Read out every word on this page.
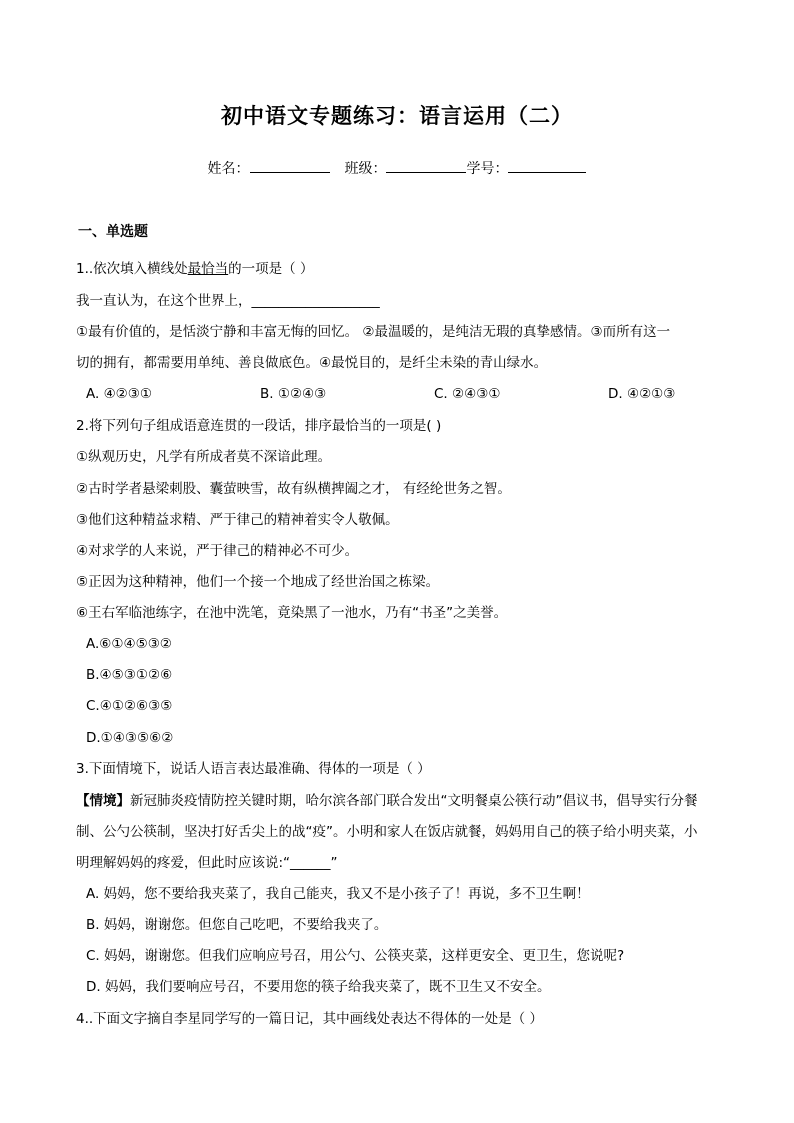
初中语文专题练习：语言运用（二）
姓名：	班级：	学号：
一、单选题
1..依次填入横线处最恰当的一项是（ ）
我一直认为，在这个世界上，___________________
①最有价值的，是恬淡宁静和丰富无悔的回忆。 ②最温暖的，是纯洁无瑕的真挚感情。③而所有这一
切的拥有，都需要用单纯、善良做底色。④最悦目的，是纤尘未染的青山绿水。
A. ④②③①	B. ①②④③	C. ②④③①	D. ④②①③
2.将下列句子组成语意连贯的一段话，排序最恰当的一项是( )
①纵观历史，凡学有所成者莫不深谙此理。
②古时学者悬梁刺股、囊萤映雪，故有纵横捭阖之才， 有经纶世务之智。
③他们这种精益求精、严于律己的精神着实令人敬佩。
④对求学的人来说，严于律己的精神必不可少。
⑤正因为这种精神，他们一个接一个地成了经世治国之栋梁。
⑥王右军临池练字，在池中洗笔，竟染黑了一池水，乃有“书圣”之美誉。
A.⑥①④⑤③②
B.④⑤③①②⑥
C.④①②⑥③⑤
D.①④③⑤⑥②
3.下面情境下，说话人语言表达最准确、得体的一项是（ ）
【情境】新冠肺炎疫情防控关键时期，哈尔滨各部门联合发出“文明餐桌公筷行动”倡议书，倡导实行分餐
制、公勺公筷制，坚决打好舌尖上的战“疫”。小明和家人在饭店就餐，妈妈用自己的筷子给小明夹菜，小
明理解妈妈的疼爱，但此时应该说:“______”
A. 妈妈，您不要给我夹菜了，我自己能夹，我又不是小孩子了！再说，多不卫生啊！
B. 妈妈，谢谢您。但您自己吃吧，不要给我夹了。
C. 妈妈，谢谢您。但我们应响应号召，用公勺、公筷夹菜，这样更安全、更卫生，您说呢?
D. 妈妈，我们要响应号召，不要用您的筷子给我夹菜了，既不卫生又不安全。
4..下面文字摘自李星同学写的一篇日记，其中画线处表达不得体的一处是（ ）
